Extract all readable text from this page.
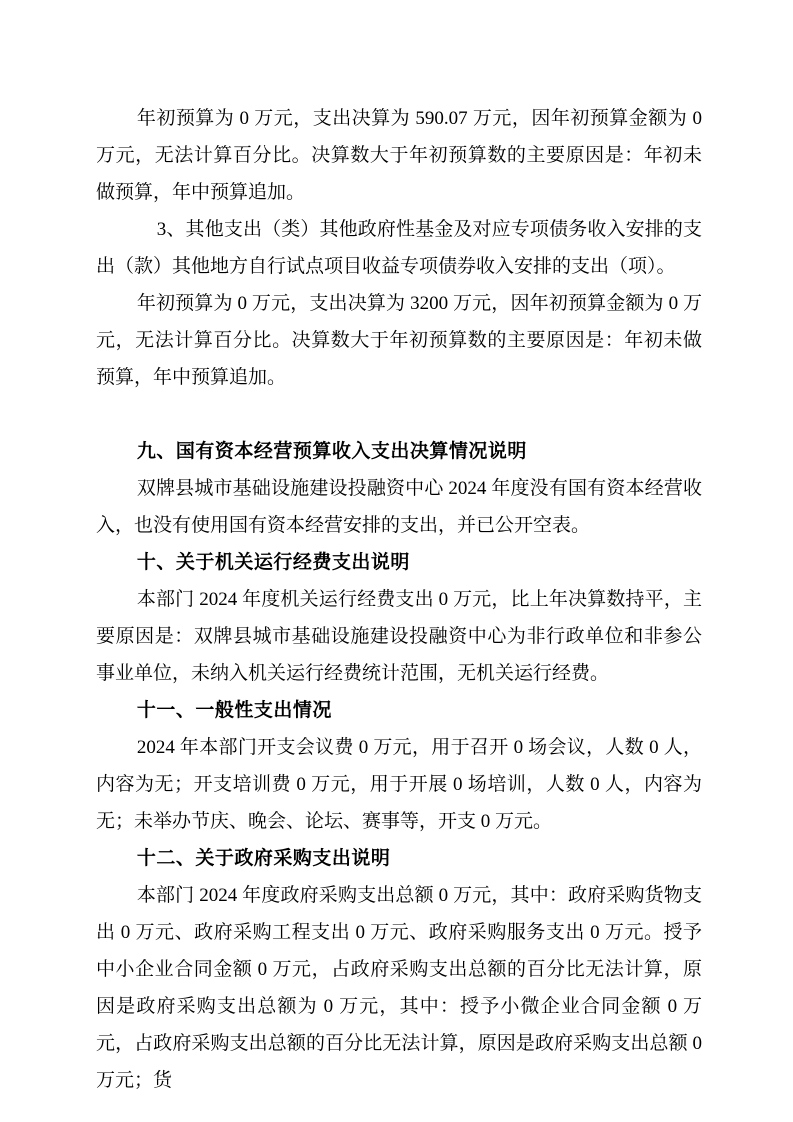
年初预算为 0 万元，支出决算为 590.07 万元，因年初预算金额为 0 万元，无法计算百分比。决算数大于年初预算数的主要原因是：年初未做预算，年中预算追加。

3、其他支出（类）其他政府性基金及对应专项债务收入安排的支出（款）其他地方自行试点项目收益专项债券收入安排的支出（项）。

年初预算为 0 万元，支出决算为 3200 万元，因年初预算金额为 0 万元，无法计算百分比。决算数大于年初预算数的主要原因是：年初未做预算，年中预算追加。

九、国有资本经营预算收入支出决算情况说明

双牌县城市基础设施建设投融资中心 2024 年度没有国有资本经营收入，也没有使用国有资本经营安排的支出，并已公开空表。

十、关于机关运行经费支出说明

本部门 2024 年度机关运行经费支出 0 万元，比上年决算数持平，主要原因是：双牌县城市基础设施建设投融资中心为非行政单位和非参公事业单位，未纳入机关运行经费统计范围，无机关运行经费。

十一、一般性支出情况

2024 年本部门开支会议费 0 万元，用于召开 0 场会议，人数 0 人，内容为无；开支培训费 0 万元，用于开展 0 场培训，人数 0 人，内容为无；未举办节庆、晚会、论坛、赛事等，开支 0 万元。

十二、关于政府采购支出说明

本部门 2024 年度政府采购支出总额 0 万元，其中：政府采购货物支出 0 万元、政府采购工程支出 0 万元、政府采购服务支出 0 万元。授予中小企业合同金额 0 万元，占政府采购支出总额的百分比无法计算，原因是政府采购支出总额为 0 万元，其中：授予小微企业合同金额 0 万元，占政府采购支出总额的百分比无法计算，原因是政府采购支出总额 0 万元；货
